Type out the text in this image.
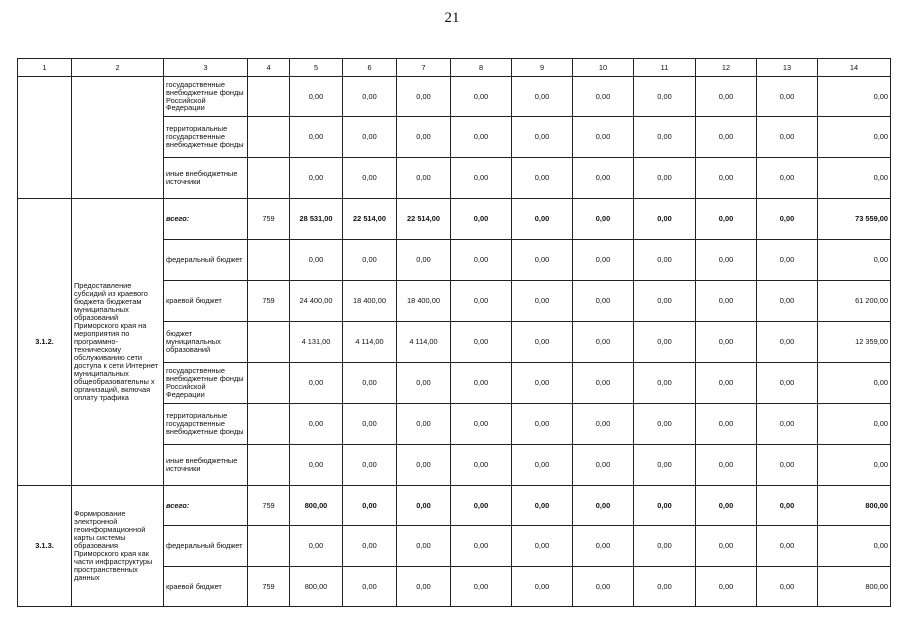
21
1	2	3	4	5	6	7	8	9	10	11	12	13	14
		государственные внебюджетные фонды Российской Федерации		0,00	0,00	0,00	0,00	0,00	0,00	0,00	0,00	0,00	0,00
		территориальные государственные внебюджетные фонды		0,00	0,00	0,00	0,00	0,00	0,00	0,00	0,00	0,00	0,00
		иные внебюджетные источники		0,00	0,00	0,00	0,00	0,00	0,00	0,00	0,00	0,00	0,00
3.1.2.	Предоставление субсидий из краевого бюджета бюджетам муниципальных образований Приморского края на мероприятия по программно-техническому обслуживанию сети доступа к сети Интернет муниципальных общеобразовательны х организаций, включая оплату трафика	всего:	759	28 531,00	22 514,00	22 514,00	0,00	0,00	0,00	0,00	0,00	0,00	73 559,00
		федеральный бюджет		0,00	0,00	0,00	0,00	0,00	0,00	0,00	0,00	0,00	0,00
		краевой бюджет	759	24 400,00	18 400,00	18 400,00	0,00	0,00	0,00	0,00	0,00	0,00	61 200,00
		бюджет муниципальных образований		4 131,00	4 114,00	4 114,00	0,00	0,00	0,00	0,00	0,00	0,00	12 359,00
		государственные внебюджетные фонды Российской Федерации		0,00	0,00	0,00	0,00	0,00	0,00	0,00	0,00	0,00	0,00
		территориальные государственные внебюджетные фонды		0,00	0,00	0,00	0,00	0,00	0,00	0,00	0,00	0,00	0,00
		иные внебюджетные источники		0,00	0,00	0,00	0,00	0,00	0,00	0,00	0,00	0,00	0,00
3.1.3.	Формирование электронной геоинформационной карты системы образования Приморского края как части инфраструктуры пространственных данных	всего:	759	800,00	0,00	0,00	0,00	0,00	0,00	0,00	0,00	0,00	800,00
		федеральный бюджет		0,00	0,00	0,00	0,00	0,00	0,00	0,00	0,00	0,00	0,00
		краевой бюджет	759	800,00	0,00	0,00	0,00	0,00	0,00	0,00	0,00	0,00	800,00
